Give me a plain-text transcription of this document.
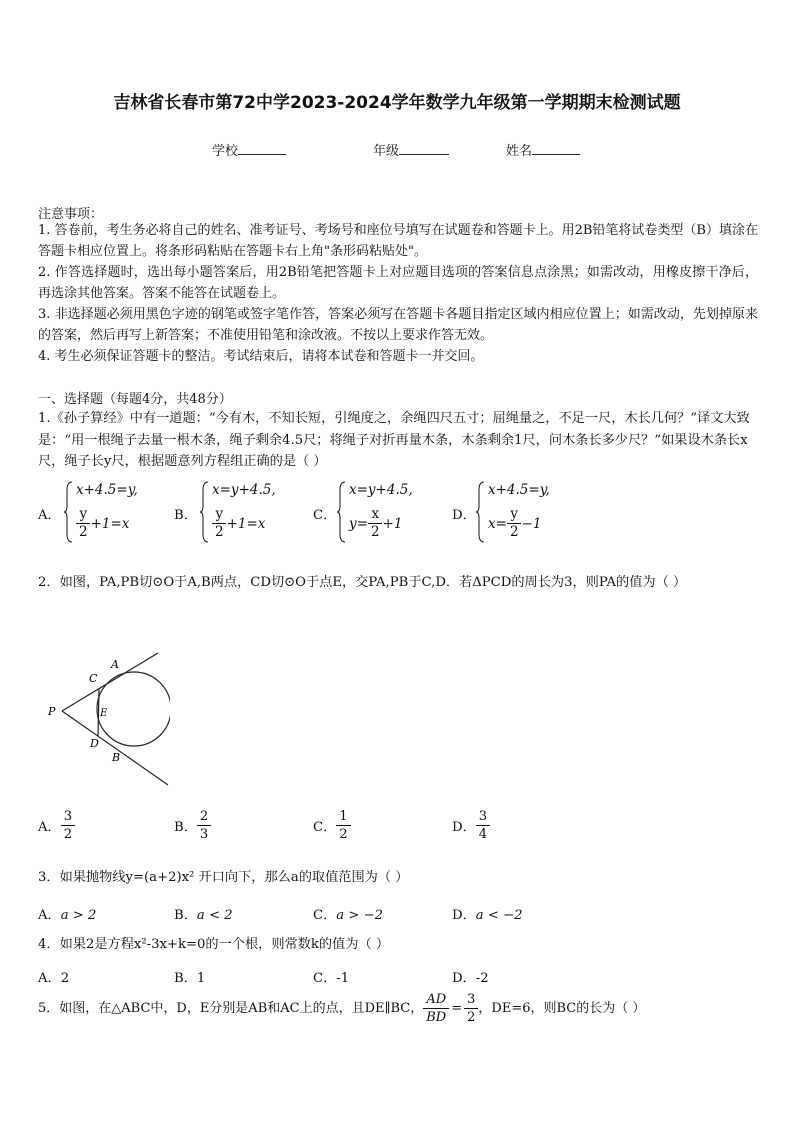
吉林省长春市第72中学2023-2024学年数学九年级第一学期期末检测试题
学校	年级	姓名
注意事项：
1. 答卷前，考生务必将自己的姓名、准考证号、考场号和座位号填写在试题卷和答题卡上。用2B铅笔将试卷类型（B）填涂在答题卡相应位置上。将条形码粘贴在答题卡右上角"条形码粘贴处"。
2. 作答选择题时，选出每小题答案后，用2B铅笔把答题卡上对应题目选项的答案信息点涂黑；如需改动，用橡皮擦干净后，再选涂其他答案。答案不能答在试题卷上。
3. 非选择题必须用黑色字迹的钢笔或签字笔作答，答案必须写在答题卡各题目指定区域内相应位置上；如需改动，先划掉原来的答案，然后再写上新答案；不准使用铅笔和涂改液。不按以上要求作答无效。
4. 考生必须保证答题卡的整洁。考试结束后，请将本试卷和答题卡一并交回。
一、选择题（每题4分，共48分）
1.《孙子算经》中有一道题：“今有木，不知长短，引绳度之，余绳四尺五寸；屈绳量之，不足一尺，木长几何？”译文大致是：“用一根绳子去量一根木条，绳子剩余4.5尺；将绳子对折再量木条，木条剩余1尺，问木条长多少尺？”如果设木条长x尺，绳子长y尺，根据题意列方程组正确的是（ ）
A．
x+4.5=y,
$\frac{y}{2} +1=x$	B．
x=y+4.5,
$\frac{y}{2} +1=x$	C．
x=y+4.5,
$y= \frac{x}{2} +1$	D．
x+4.5=y,
$x= \frac{y}{2} -1$
2．如图，PA,PB切⊙O于A,B两点，CD切⊙O于点E，交PA,PB于C,D．若ΔPCD的周长为3，则PA的值为（ ）
P
A
C
E
D
B
A． $\frac{3}{2}$	B． $\frac{2}{3}$	C． $\frac{1}{2}$	D． $\frac{3}{4}$
3．如果抛物线y=(a+2)x² 开口向下，那么a的取值范围为（ ）
A．a > 2	B．a < 2	C．a > −2	D．a < −2
4．如果2是方程x²-3x+k=0的一个根，则常数k的值为（ ）
A．2	B．1	C．-1	D．-2
5．如图，在△ABC中，D，E分别是AB和AC上的点，且DE∥BC， $\frac{AD}{BD} = \frac{3}{2}$ ，DE=6，则BC的长为（ ）
